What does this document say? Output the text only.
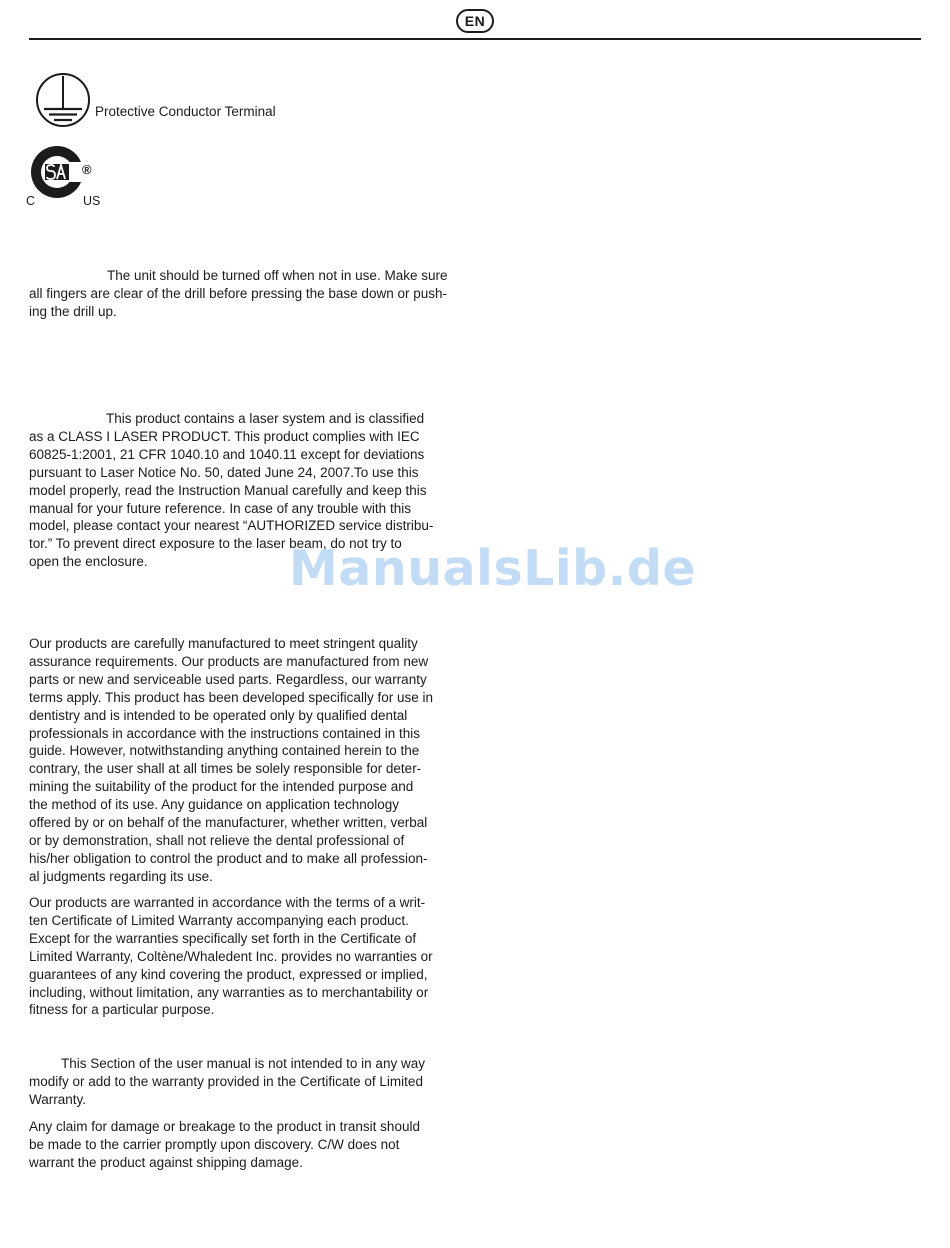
EN
Protective Conductor Terminal
®
C	US

The unit should be turned off when not in use. Make sure
all fingers are clear of the drill before pressing the base down or push-
ing the drill up.

This product contains a laser system and is classified
as a CLASS I LASER PRODUCT. This product complies with IEC
60825-1:2001, 21 CFR 1040.10 and 1040.11 except for deviations
pursuant to Laser Notice No. 50, dated June 24, 2007.To use this
model properly, read the Instruction Manual carefully and keep this
manual for your future reference. In case of any trouble with this
model, please contact your nearest “AUTHORIZED service distribu-
tor.” To prevent direct exposure to the laser beam, do not try to
open the enclosure.

Our products are carefully manufactured to meet stringent quality
assurance requirements. Our products are manufactured from new
parts or new and serviceable used parts. Regardless, our warranty
terms apply. This product has been developed specifically for use in
dentistry and is intended to be operated only by qualified dental
professionals in accordance with the instructions contained in this
guide. However, notwithstanding anything contained herein to the
contrary, the user shall at all times be solely responsible for deter-
mining the suitability of the product for the intended purpose and
the method of its use. Any guidance on application technology
offered by or on behalf of the manufacturer, whether written, verbal
or by demonstration, shall not relieve the dental professional of
his/her obligation to control the product and to make all profession-
al judgments regarding its use.

Our products are warranted in accordance with the terms of a writ-
ten Certificate of Limited Warranty accompanying each product.
Except for the warranties specifically set forth in the Certificate of
Limited Warranty, Coltène/Whaledent Inc. provides no warranties or
guarantees of any kind covering the product, expressed or implied,
including, without limitation, any warranties as to merchantability or
fitness for a particular purpose.

This Section of the user manual is not intended to in any way
modify or add to the warranty provided in the Certificate of Limited
Warranty.

Any claim for damage or breakage to the product in transit should
be made to the carrier promptly upon discovery. C/W does not
warrant the product against shipping damage.

ManualsLib.de
